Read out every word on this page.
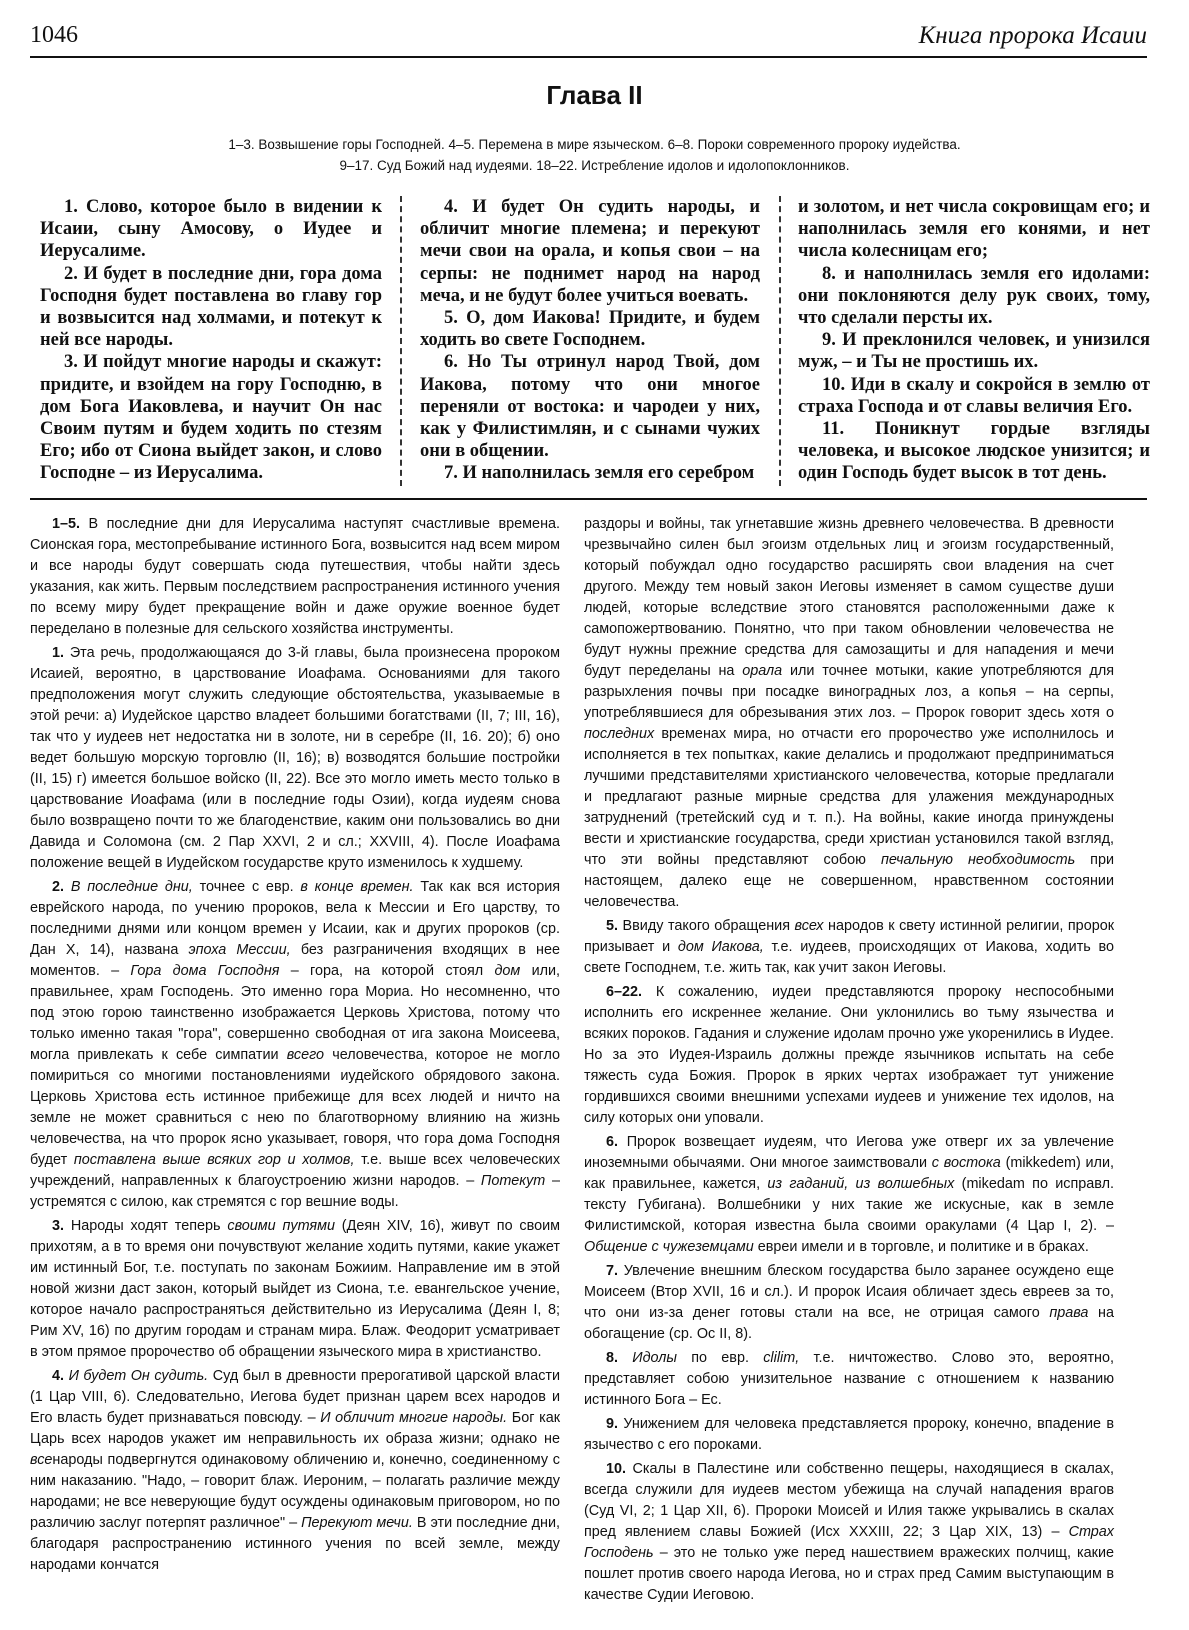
1046	Книга пророка Исаии
Глава II
1–3. Возвышение горы Господней. 4–5. Перемена в мире языческом. 6–8. Пороки современного пророку иудейства.
9–17. Суд Божий над иудеями. 18–22. Истребление идолов и идолопоклонников.

1. Слово, которое было в видении к Исаии, сыну Амосову, о Иудее и Иерусалиме.

2. И будет в последние дни, гора дома Господня будет поставлена во главу гор и возвысится над холмами, и потекут к ней все народы.

3. И пойдут многие народы и скажут: придите, и взойдем на гору Господню, в дом Бога Иаковлева, и научит Он нас Своим путям и будем ходить по стезям Его; ибо от Сиона выйдет закон, и слово Господне – из Иерусалима.

4. И будет Он судить народы, и обличит многие племена; и перекуют мечи свои на орала, и копья свои – на серпы: не поднимет народ на народ меча, и не будут более учиться воевать.

5. О, дом Иакова! Придите, и будем ходить во свете Господнем.

6. Но Ты отринул народ Твой, дом Иакова, потому что они многое переняли от востока: и чародеи у них, как у Филистимлян, и с сынами чужих они в общении.

7. И наполнилась земля его серебром

и золотом, и нет числа сокровищам его; и наполнилась земля его конями, и нет числа колесницам его;

8. и наполнилась земля его идолами: они поклоняются делу рук своих, тому, что сделали персты их.

9. И преклонился человек, и унизился муж, – и Ты не простишь их.

10. Иди в скалу и сокройся в землю от страха Господа и от славы величия Его.

11. Поникнут гордые взгляды человека, и высокое людское унизится; и один Господь будет высок в тот день.

1–5. В последние дни для Иерусалима наступят счастливые времена. Сионская гора, местопребывание истинного Бога, возвысится над всем миром и все народы будут совершать сюда путешествия, чтобы найти здесь указания, как жить. Первым последствием распространения истинного учения по всему миру будет прекращение войн и даже оружие военное будет переделано в полезные для сельского хозяйства инструменты.

1. Эта речь, продолжающаяся до 3-й главы, была произнесена пророком Исаией, вероятно, в царствование Иоафама. Основаниями для такого предположения могут служить следующие обстоятельства, указываемые в этой речи: а) Иудейское царство владеет большими богатствами (II, 7; III, 16), так что у иудеев нет недостатка ни в золоте, ни в серебре (II, 16. 20); б) оно ведет большую морскую торговлю (II, 16); в) возводятся большие постройки (II, 15) г) имеется большое войско (II, 22). Все это могло иметь место только в царствование Иоафама (или в последние годы Озии), когда иудеям снова было возвращено почти то же благоденствие, каким они пользовались во дни Давида и Соломона (см. 2 Пар XXVI, 2 и сл.; XXVIII, 4). После Иоафама положение вещей в Иудейском государстве круто изменилось к худшему.

2. В последние дни, точнее с евр. в конце времен. Так как вся история еврейского народа, по учению пророков, вела к Мессии и Его царству, то последними днями или концом времен у Исаии, как и других пророков (ср. Дан Х, 14), названа эпоха Мессии, без разграничения входящих в нее моментов. – Гора дома Господня – гора, на которой стоял дом или, правильнее, храм Господень. Это именно гора Мориа. Но несомненно, что под этою горою таинственно изображается Церковь Христова, потому что только именно такая "гора", совершенно свободная от ига закона Моисеева, могла привлекать к себе симпатии всего человечества, которое не могло помириться со многими постановлениями иудейского обрядового закона. Церковь Христова есть истинное прибежище для всех людей и ничто на земле не может сравниться с нею по благотворному влиянию на жизнь человечества, на что пророк ясно указывает, говоря, что гора дома Господня будет поставлена выше всяких гор и холмов, т.е. выше всех человеческих учреждений, направленных к благоустроению жизни народов. – Потекут – устремятся с силою, как стремятся с гор вешние воды.

3. Народы ходят теперь своими путями (Деян XIV, 16), живут по своим прихотям, а в то время они почувствуют желание ходить путями, какие укажет им истинный Бог, т.е. поступать по законам Божиим. Направление им в этой новой жизни даст закон, который выйдет из Сиона, т.е. евангельское учение, которое начало распространяться действительно из Иерусалима (Деян I, 8; Рим XV, 16) по другим городам и странам мира. Блаж. Феодорит усматривает в этом прямое пророчество об обращении языческого мира в христианство.

4. И будет Он судить. Суд был в древности прерогативой царской власти (1 Цар VIII, 6). Следовательно, Иегова будет признан царем всех народов и Его власть будет признаваться повсюду. – И обличит многие народы. Бог как Царь всех народов укажет им неправильность их образа жизни; однако не всенароды подвергнутся одинаковому обличению и, конечно, соединенному с ним наказанию. "Надо, – говорит блаж. Иероним, – полагать различие между народами; не все неверующие будут осуждены одинаковым приговором, но по различию заслуг потерпят различное" – Перекуют мечи. В эти последние дни, благодаря распространению истинного учения по всей земле, между народами кончатся

раздоры и войны, так угнетавшие жизнь древнего человечества. В древности чрезвычайно силен был эгоизм отдельных лиц и эгоизм государственный, который побуждал одно государство расширять свои владения на счет другого. Между тем новый закон Иеговы изменяет в самом существе души людей, которые вследствие этого становятся расположенными даже к самопожертвованию. Понятно, что при таком обновлении человечества не будут нужны прежние средства для самозащиты и для нападения и мечи будут переделаны на орала или точнее мотыки, какие употребляются для разрыхления почвы при посадке виноградных лоз, а копья – на серпы, употреблявшиеся для обрезывания этих лоз. – Пророк говорит здесь хотя о последних временах мира, но отчасти его пророчество уже исполнилось и исполняется в тех попытках, какие делались и продолжают предприниматься лучшими представителями христианского человечества, которые предлагали и предлагают разные мирные средства для улажения международных затруднений (третейский суд и т. п.). На войны, какие иногда принуждены вести и христианские государства, среди христиан установился такой взгляд, что эти войны представляют собою печальную необходимость при настоящем, далеко еще не совершенном, нравственном состоянии человечества.

5. Ввиду такого обращения всех народов к свету истинной религии, пророк призывает и дом Иакова, т.е. иудеев, происходящих от Иакова, ходить во свете Господнем, т.е. жить так, как учит закон Иеговы.

6–22. К сожалению, иудеи представляются пророку неспособными исполнить его искреннее желание. Они уклонились во тьму язычества и всяких пороков. Гадания и служение идолам прочно уже укоренились в Иудее. Но за это Иудея-Израиль должны прежде язычников испытать на себе тяжесть суда Божия. Пророк в ярких чертах изображает тут унижение гордившихся своими внешними успехами иудеев и унижение тех идолов, на силу которых они уповали.

6. Пророк возвещает иудеям, что Иегова уже отверг их за увлечение иноземными обычаями. Они многое заимствовали с востока (mikkedem) или, как правильнее, кажется, из гаданий, из волшебных (mikedam по исправл. тексту Губигана). Волшебники у них такие же искусные, как в земле Филистимской, которая известна была своими оракулами (4 Цар I, 2). – Общение с чужеземцами евреи имели и в торговле, и политике и в браках.

7. Увлечение внешним блеском государства было заранее осуждено еще Моисеем (Втор XVII, 16 и сл.). И пророк Исаия обличает здесь евреев за то, что они из-за денег готовы стали на все, не отрицая самого права на обогащение (ср. Ос II, 8).

8. Идолы по евр. clilim, т.е. ничтожество. Слово это, вероятно, представляет собою унизительное название с отношением к названию истинного Бога – Ес.

9. Унижением для человека представляется пророку, конечно, впадение в язычество с его пороками.

10. Скалы в Палестине или собственно пещеры, находящиеся в скалах, всегда служили для иудеев местом убежища на случай нападения врагов (Суд VI, 2; 1 Цар XII, 6). Пророки Моисей и Илия также укрывались в скалах пред явлением славы Божией (Исх XXXIII, 22; 3 Цар XIX, 13) – Страх Господень – это не только уже перед нашествием вражеских полчищ, какие пошлет против своего народа Иегова, но и страх пред Самим выступающим в качестве Судии Иеговою.
